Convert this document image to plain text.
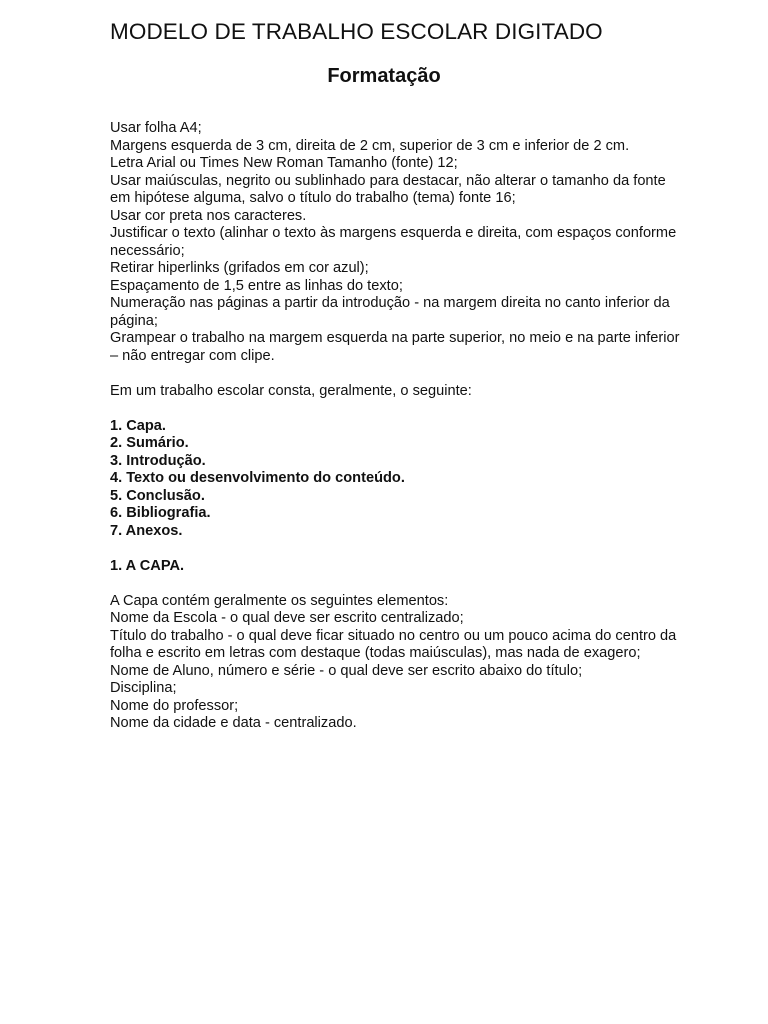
MODELO DE TRABALHO ESCOLAR DIGITADO
Formatação

Usar folha A4;

Margens esquerda de 3 cm, direita de 2 cm, superior de 3 cm e inferior de 2 cm.

Letra Arial ou Times New Roman Tamanho (fonte) 12;

Usar maiúsculas, negrito ou sublinhado para destacar, não alterar o tamanho da fonte em hipótese alguma, salvo o título do trabalho (tema) fonte 16;

Usar cor preta nos caracteres.

Justificar o texto (alinhar o texto às margens esquerda e direita, com espaços conforme necessário;

Retirar hiperlinks (grifados em cor azul);

Espaçamento de 1,5 entre as linhas do texto;

Numeração nas páginas a partir da introdução - na margem direita no canto inferior da página;

Grampear o trabalho na margem esquerda na parte superior, no meio e na parte inferior – não entregar com clipe.

Em um trabalho escolar consta, geralmente, o seguinte:

1. Capa.

2. Sumário.

3. Introdução.

4. Texto ou desenvolvimento do conteúdo.

5. Conclusão.

6. Bibliografia.

7. Anexos.

1. A CAPA.

A Capa contém geralmente os seguintes elementos:

Nome da Escola - o qual deve ser escrito centralizado;

Título do trabalho - o qual deve ficar situado no centro ou um pouco acima do centro da folha e escrito em letras com destaque (todas maiúsculas), mas nada de exagero;

Nome de Aluno, número e série - o qual deve ser escrito abaixo do título;

Disciplina;

Nome do professor;

Nome da cidade e data - centralizado.
